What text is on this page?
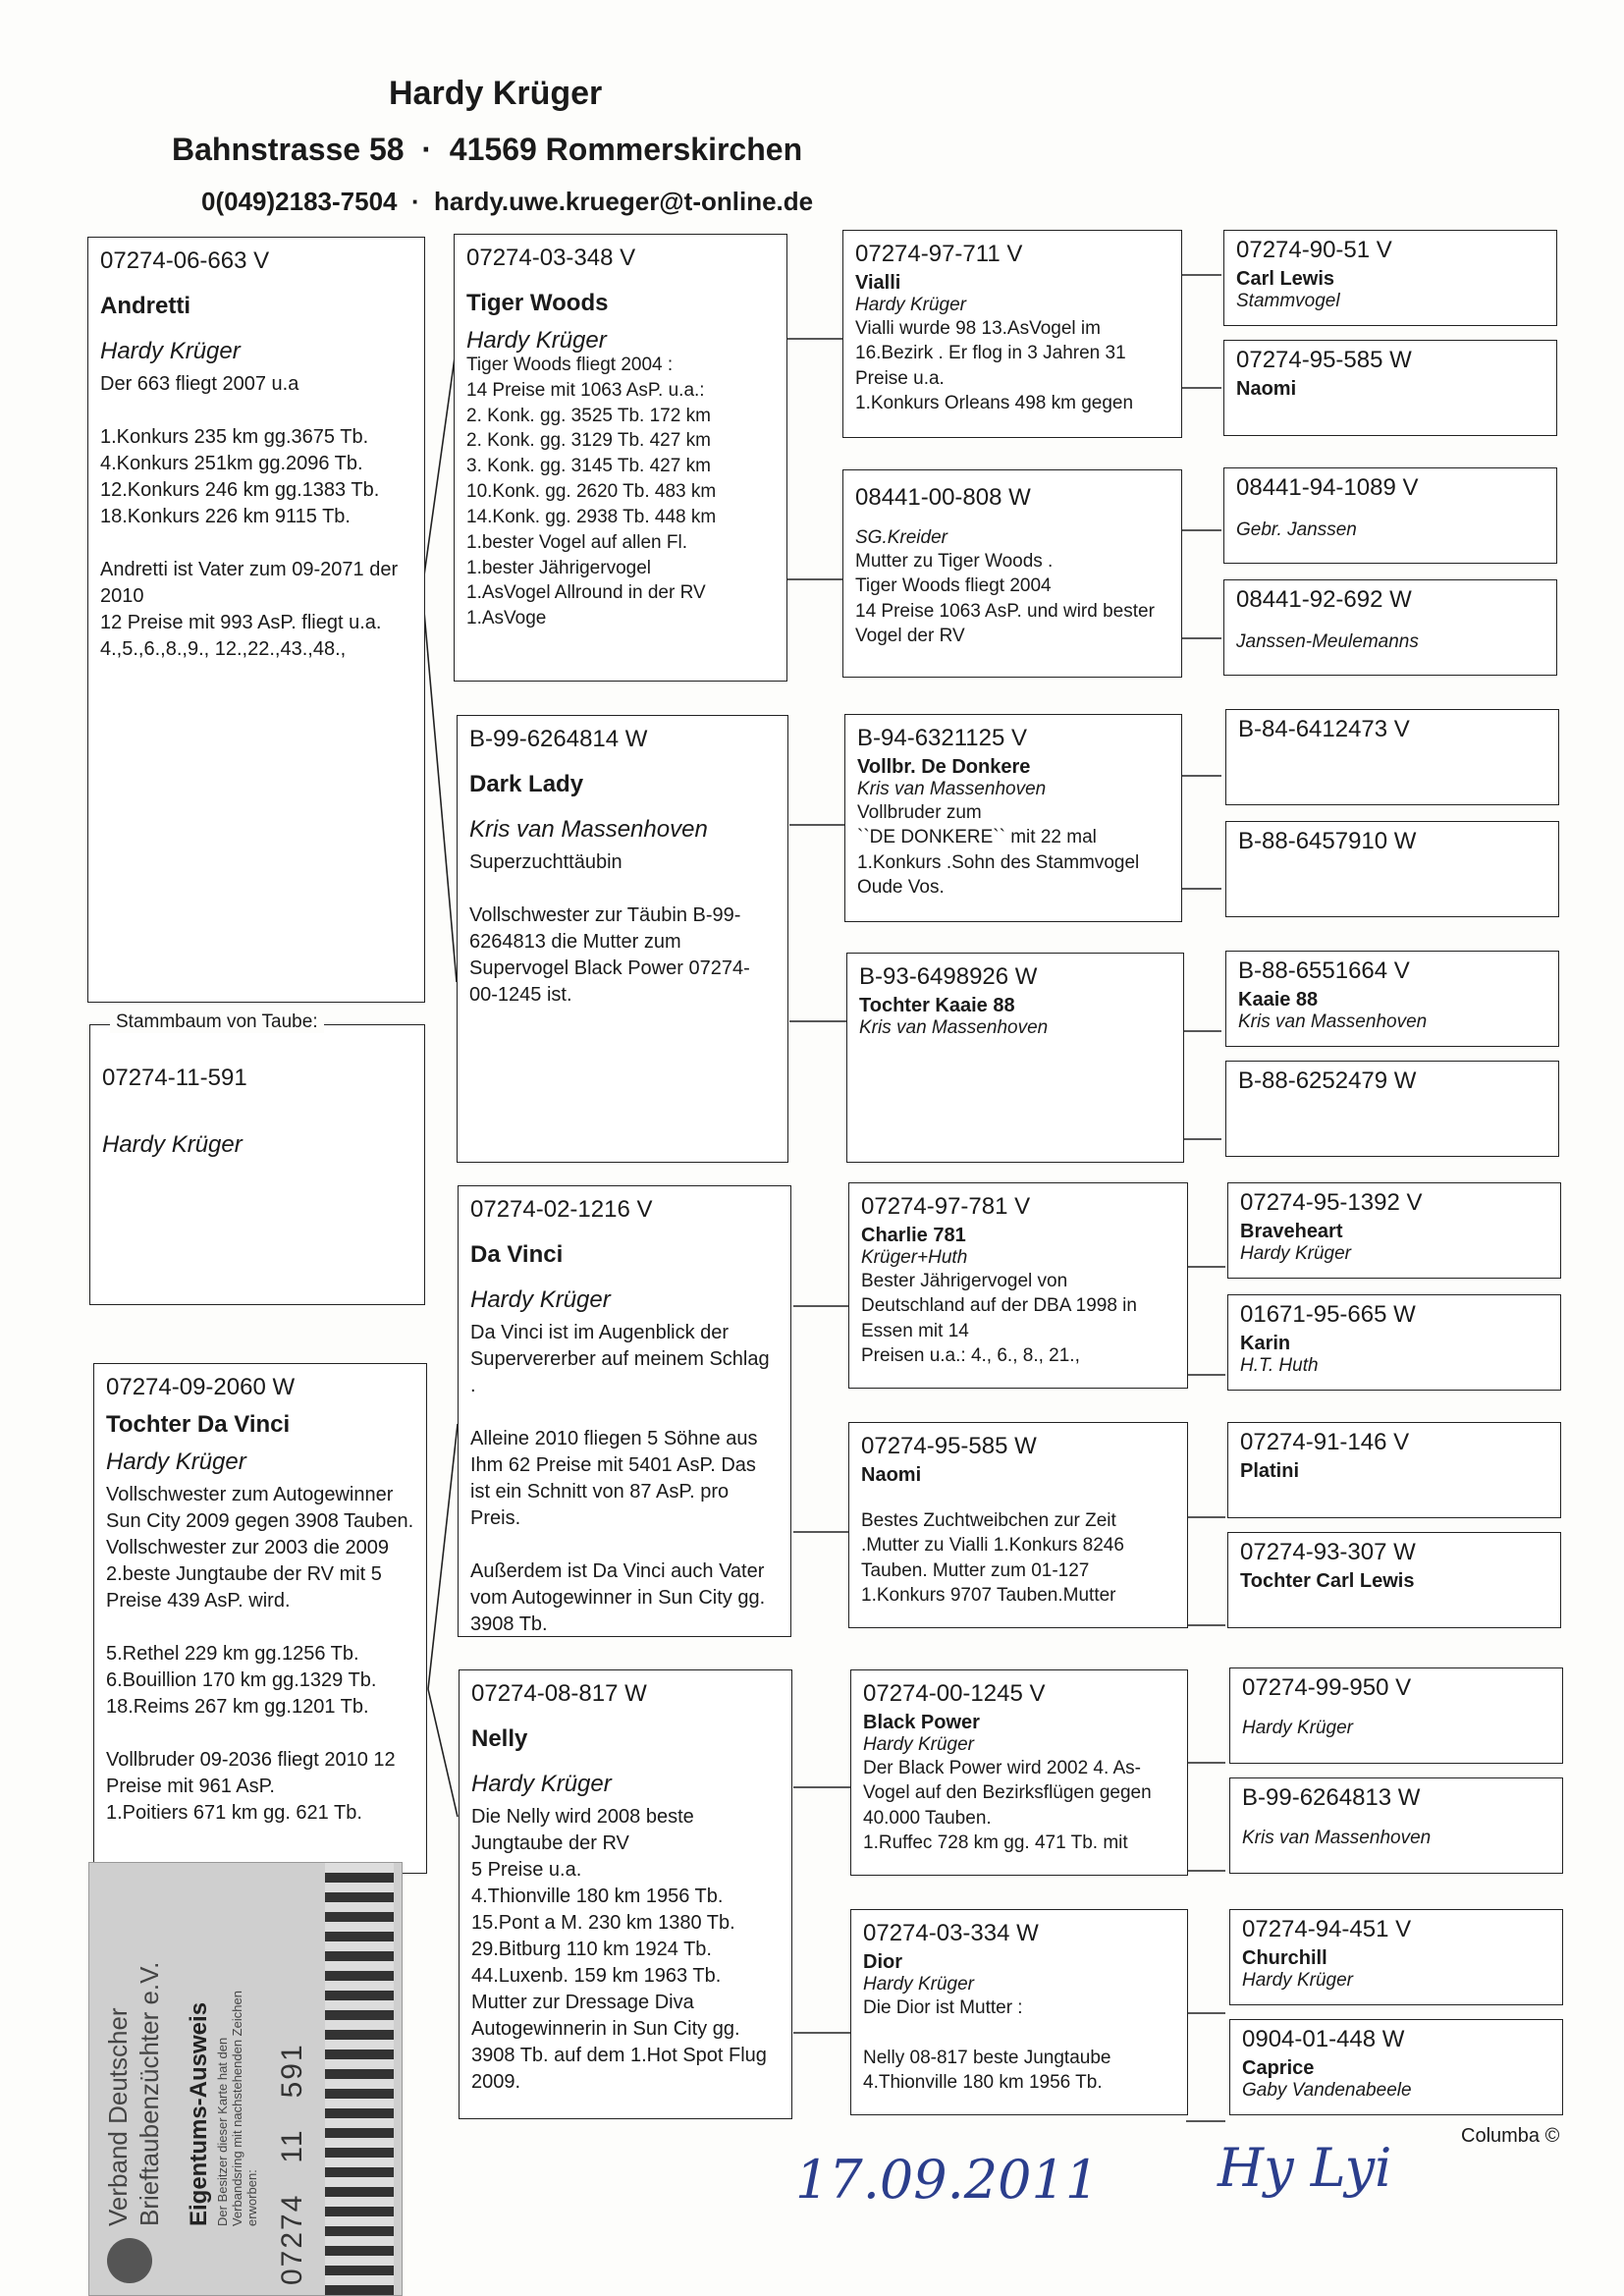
Hardy Krüger
Bahnstrasse 58  ·  41569 Rommerskirchen
0(049)2183-7504  ·  hardy.uwe.krueger@t-online.de
07274-06-663 V
Andretti
Hardy Krüger
Der 663 fliegt 2007 u.a

1.Konkurs 235 km gg.3675 Tb.
4.Konkurs 251km gg.2096 Tb.
12.Konkurs 246 km gg.1383 Tb.
18.Konkurs 226 km 9115 Tb.

Andretti ist Vater zum 09-2071 der 2010
12 Preise mit 993 AsP. fliegt u.a.
4.,5.,6.,8.,9., 12.,22.,43.,48.,
07274-11-591
Hardy Krüger
Stammbaum von Taube:
07274-09-2060 W
Tochter Da Vinci
Hardy Krüger
Vollschwester zum Autogewinner Sun City 2009 gegen 3908 Tauben.
Vollschwester zur 2003 die 2009 2.beste Jungtaube der RV mit 5 Preise 439 AsP. wird.

5.Rethel 229 km gg.1256 Tb.
6.Bouillion 170 km gg.1329 Tb.
18.Reims 267 km gg.1201 Tb.

Vollbruder 09-2036 fliegt 2010 12 Preise mit 961 AsP.
1.Poitiers 671 km gg. 621 Tb.
07274-03-348 V
Tiger Woods
Hardy Krüger
Tiger Woods fliegt 2004 :
14 Preise mit 1063 AsP. u.a.:
2. Konk. gg. 3525 Tb. 172 km
2. Konk. gg. 3129 Tb. 427 km
3. Konk. gg. 3145 Tb. 427 km
10.Konk. gg. 2620 Tb. 483 km
14.Konk. gg. 2938 Tb. 448 km
1.bester Vogel auf allen Fl.
1.bester Jährigervogel
1.AsVogel Allround in der RV
1.AsVoge
B-99-6264814 W
Dark Lady
Kris van Massenhoven
Superzuchttäubin

Vollschwester zur Täubin B-99-6264813 die Mutter zum Supervogel Black Power 07274-00-1245 ist.
07274-02-1216 V
Da Vinci
Hardy Krüger
Da Vinci ist im Augenblick der Supervererber auf meinem Schlag .

Alleine 2010 fliegen 5 Söhne aus Ihm 62 Preise mit 5401 AsP. Das ist ein Schnitt von 87 AsP. pro Preis.

Außerdem ist Da Vinci auch Vater vom Autogewinner in Sun City gg. 3908 Tb.
07274-08-817 W
Nelly
Hardy Krüger
Die Nelly wird 2008 beste Jungtaube der RV
5 Preise u.a.
4.Thionville 180 km 1956 Tb.
15.Pont a M. 230 km 1380 Tb.
29.Bitburg 110 km 1924 Tb.
44.Luxenb. 159 km 1963 Tb.
Mutter zur Dressage Diva Autogewinnerin in Sun City gg. 3908 Tb. auf dem 1.Hot Spot Flug 2009.
07274-97-711 V
Vialli
Hardy Krüger
Vialli wurde 98 13.AsVogel im 16.Bezirk . Er flog in 3 Jahren 31 Preise u.a.
1.Konkurs Orleans 498 km gegen
08441-00-808 W
SG.Kreider
Mutter zu Tiger Woods .
Tiger Woods fliegt 2004
14 Preise 1063 AsP. und wird bester Vogel der RV
B-94-6321125 V
Vollbr. De Donkere
Kris van Massenhoven
Vollbruder zum
``DE DONKERE`` mit 22 mal
1.Konkurs .Sohn des Stammvogel Oude Vos.
B-93-6498926 W
Tochter Kaaie 88
Kris van Massenhoven
07274-97-781 V
Charlie 781
Krüger+Huth
Bester Jährigervogel von Deutschland auf der DBA 1998 in Essen mit 14
Preisen u.a.: 4., 6., 8., 21.,
07274-95-585 W
Naomi
Bestes Zuchtweibchen zur Zeit .Mutter zu Vialli 1.Konkurs 8246 Tauben. Mutter zum 01-127
1.Konkurs 9707 Tauben.Mutter
07274-00-1245 V
Black Power
Hardy Krüger
Der Black Power wird 2002 4. As-Vogel auf den Bezirksflügen gegen 40.000 Tauben.
1.Ruffec 728 km gg. 471 Tb. mit
07274-03-334 W
Dior
Hardy Krüger
Die Dior ist Mutter :

Nelly 08-817 beste Jungtaube
4.Thionville 180 km 1956 Tb.
07274-90-51 V
Carl Lewis
Stammvogel
07274-95-585 W
Naomi
08441-94-1089 V
Gebr. Janssen
08441-92-692 W
Janssen-Meulemanns
B-84-6412473 V
B-88-6457910 W
B-88-6551664 V
Kaaie 88
Kris van Massenhoven
B-88-6252479 W
07274-95-1392 V
Braveheart
Hardy Krüger
01671-95-665 W
Karin
H.T. Huth
07274-91-146 V
Platini
07274-93-307 W
Tochter Carl Lewis
07274-99-950 V
Hardy Krüger
B-99-6264813 W
Kris van Massenhoven
07274-94-451 V
Churchill
Hardy Krüger
0904-01-448 W
Caprice
Gaby Vandenabeele
Columba ©
17.09.2011 Hy Lyi
Verband Deutscher Brieftaubenzüchter e.V. Eigentums-Ausweis Der Besitzer dieser Karte hat den Verbandsring mit nachstehenden Zeichen erworben: 07274   11   591
